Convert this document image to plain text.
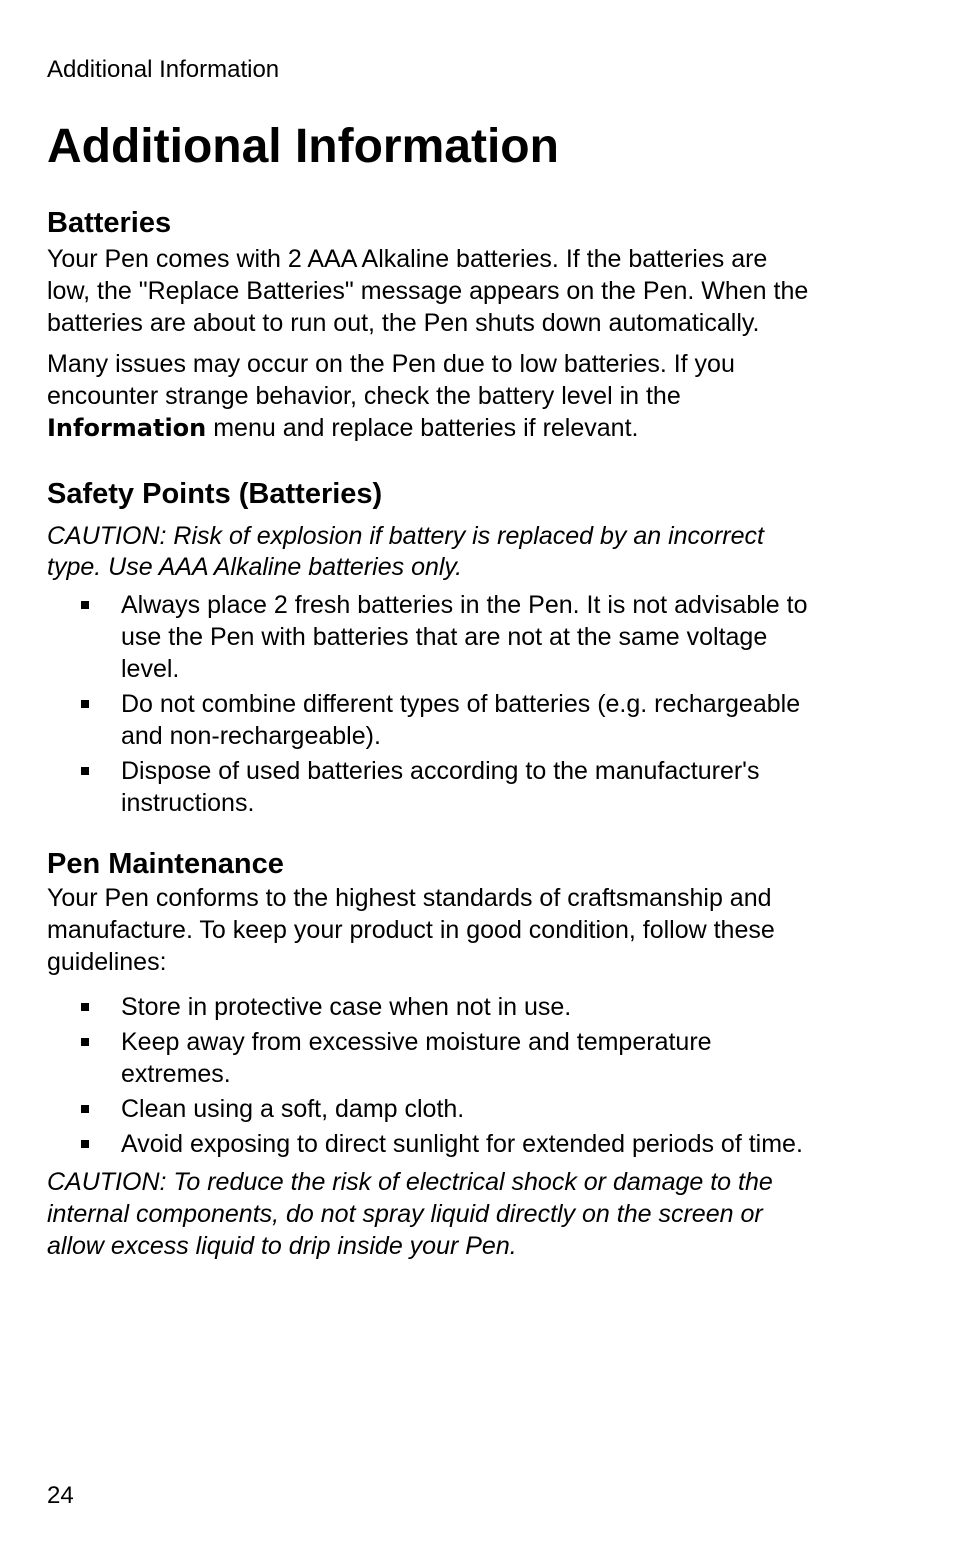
Additional Information
Additional Information
Batteries

Your Pen comes with 2 AAA Alkaline batteries. If the batteries are low, the "Replace Batteries" message appears on the Pen. When the batteries are about to run out, the Pen shuts down automatically.

Many issues may occur on the Pen due to low batteries. If you encounter strange behavior, check the battery level in the Information menu and replace batteries if relevant.

Safety Points (Batteries)

CAUTION: Risk of explosion if battery is replaced by an incorrect type. Use AAA Alkaline batteries only.

Always place 2 fresh batteries in the Pen. It is not advisable to use the Pen with batteries that are not at the same voltage level.
Do not combine different types of batteries (e.g. rechargeable and non-rechargeable).
Dispose of used batteries according to the manufacturer's instructions.
Pen Maintenance

Your Pen conforms to the highest standards of craftsmanship and manufacture. To keep your product in good condition, follow these guidelines:

Store in protective case when not in use.
Keep away from excessive moisture and temperature extremes.
Clean using a soft, damp cloth.
Avoid exposing to direct sunlight for extended periods of time.

CAUTION: To reduce the risk of electrical shock or damage to the internal components, do not spray liquid directly on the screen or allow excess liquid to drip inside your Pen.

24
